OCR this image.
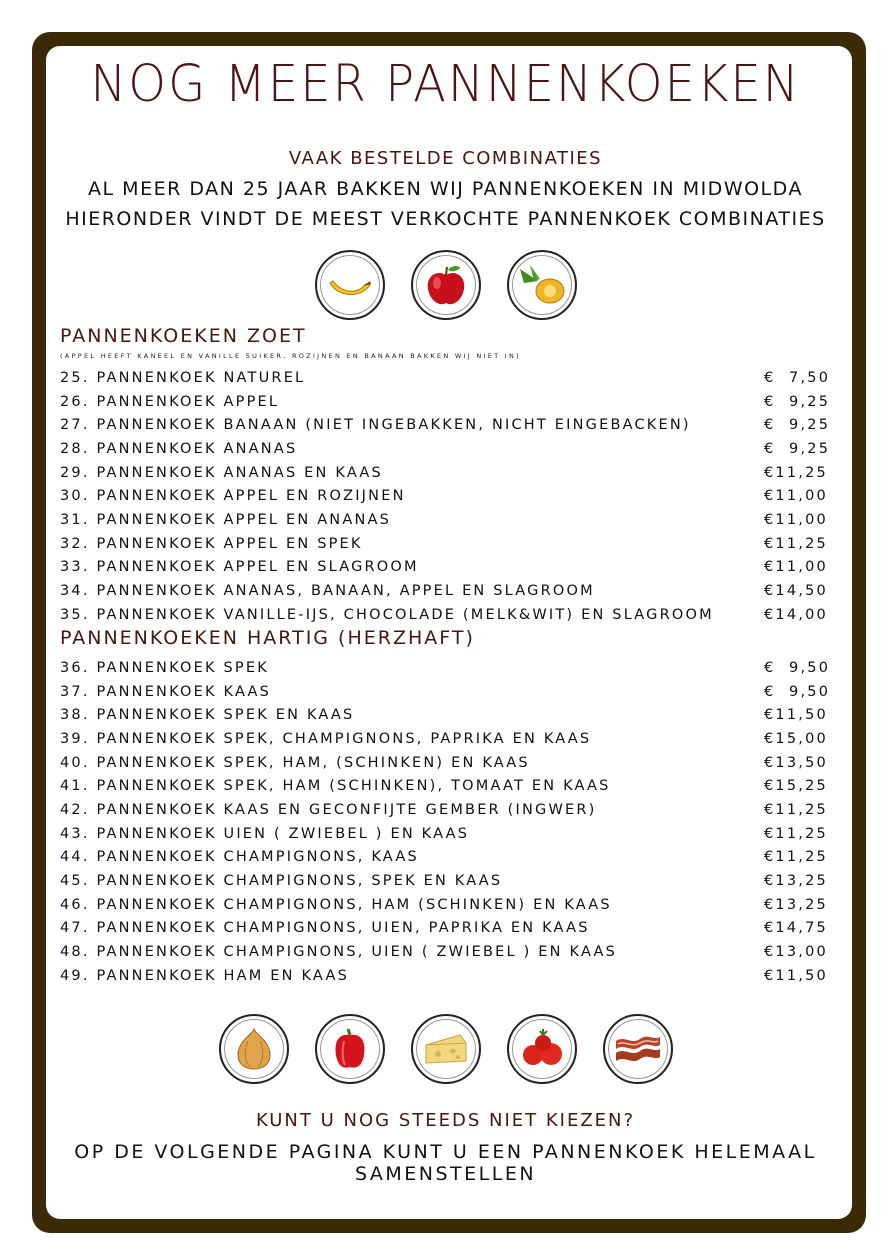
NOG MEER PANNENKOEKEN
VAAK BESTELDE COMBINATIES
AL MEER DAN 25 JAAR BAKKEN WIJ PANNENKOEKEN IN MIDWOLDA
HIERONDER VINDT DE MEEST VERKOCHTE PANNENKOEK COMBINATIES
PANNENKOEKEN ZOET
(APPEL HEEFT KANEEL EN VANILLE SUIKER, ROZIJNEN EN BANAAN BAKKEN WIJ NIET IN)
25. PANNENKOEK NATUREL	€  7,50
26. PANNENKOEK APPEL	€  9,25
27. PANNENKOEK BANAAN (NIET INGEBAKKEN, NICHT EINGEBACKEN)	€  9,25
28. PANNENKOEK ANANAS	€  9,25
29. PANNENKOEK ANANAS EN KAAS	€11,25
30. PANNENKOEK APPEL EN ROZIJNEN	€11,00
31. PANNENKOEK APPEL EN ANANAS	€11,00
32. PANNENKOEK APPEL EN SPEK	€11,25
33. PANNENKOEK APPEL EN SLAGROOM	€11,00
34. PANNENKOEK ANANAS, BANAAN, APPEL EN SLAGROOM	€14,50
35. PANNENKOEK VANILLE-IJS, CHOCOLADE (MELK&WIT) EN SLAGROOM	€14,00
PANNENKOEKEN HARTIG (HERZHAFT)
36. PANNENKOEK SPEK	€  9,50
37. PANNENKOEK KAAS	€  9,50
38. PANNENKOEK SPEK EN KAAS	€11,50
39. PANNENKOEK SPEK, CHAMPIGNONS, PAPRIKA EN KAAS	€15,00
40. PANNENKOEK SPEK, HAM, (SCHINKEN) EN KAAS	€13,50
41. PANNENKOEK SPEK, HAM (SCHINKEN), TOMAAT EN KAAS	€15,25
42. PANNENKOEK KAAS EN GECONFIJTE GEMBER (INGWER)	€11,25
43. PANNENKOEK UIEN ( ZWIEBEL ) EN KAAS	€11,25
44. PANNENKOEK CHAMPIGNONS, KAAS	€11,25
45. PANNENKOEK CHAMPIGNONS, SPEK EN KAAS	€13,25
46. PANNENKOEK CHAMPIGNONS, HAM (SCHINKEN) EN KAAS	€13,25
47. PANNENKOEK CHAMPIGNONS, UIEN, PAPRIKA EN KAAS	€14,75
48. PANNENKOEK CHAMPIGNONS, UIEN ( ZWIEBEL ) EN KAAS	€13,00
49. PANNENKOEK HAM EN KAAS	€11,50
KUNT U NOG STEEDS NIET KIEZEN?
OP DE VOLGENDE PAGINA KUNT U EEN PANNENKOEK HELEMAAL SAMENSTELLEN
